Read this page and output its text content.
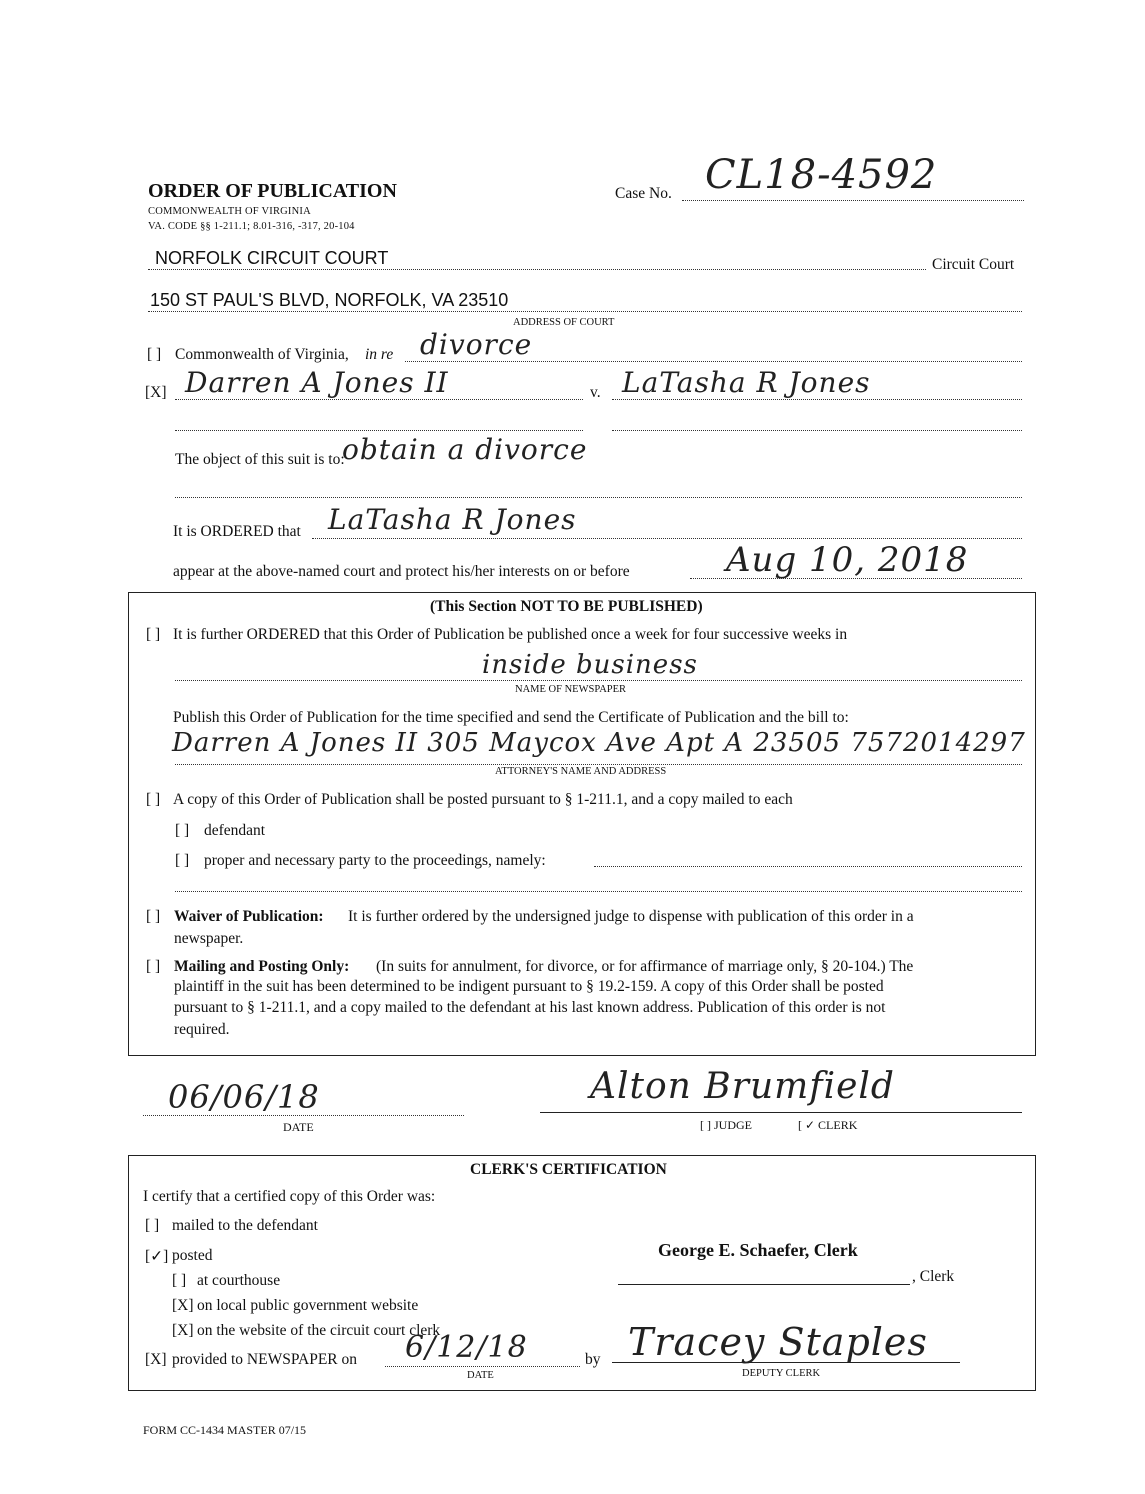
ORDER OF PUBLICATION
COMMONWEALTH OF VIRGINIA
VA. CODE §§ 1-211.1; 8.01-316, -317, 20-104
Case No. CL18-4592
NORFOLK CIRCUIT COURT	Circuit Court
150 ST PAUL'S BLVD, NORFOLK, VA 23510
ADDRESS OF COURT
[ ] Commonwealth of Virginia, in re divorce
[X] Darren A Jones II	v. LaTasha R Jones
The object of this suit is to:
obtain a divorce
It is ORDERED that LaTasha R Jones
appear at the above-named court and protect his/her interests on or before	Aug 10, 2018
(This Section NOT TO BE PUBLISHED)
[ ] It is further ORDERED that this Order of Publication be published once a week for four successive weeks in
inside business
NAME OF NEWSPAPER
Publish this Order of Publication for the time specified and send the Certificate of Publication and the bill to:
Darren A Jones II 305 Maycox Ave Apt A 23505 7572014297
ATTORNEY'S NAME AND ADDRESS
[ ] A copy of this Order of Publication shall be posted pursuant to § 1-211.1, and a copy mailed to each
[ ] defendant
[ ] proper and necessary party to the proceedings, namely:
[ ] Waiver of Publication: It is further ordered by the undersigned judge to dispense with publication of this order in a
newspaper.
[ ] Mailing and Posting Only: (In suits for annulment, for divorce, or for affirmance of marriage only, § 20-104.) The
plaintiff in the suit has been determined to be indigent pursuant to § 19.2-159. A copy of this Order shall be posted
pursuant to § 1-211.1, and a copy mailed to the defendant at his last known address. Publication of this order is not
required.
06/06/18
DATE
Alton Brumfield
[ ] JUDGE	[ ✓ CLERK
CLERK'S CERTIFICATION
I certify that a certified copy of this Order was:
[ ] mailed to the defendant
[✓] posted
[ ] at courthouse
[X] on local public government website
[X] on the website of the circuit court clerk
[X] provided to NEWSPAPER on 6/12/18
DATE
by
George E. Schaefer, Clerk
, Clerk
Tracey Staples
DEPUTY CLERK
FORM CC-1434 MASTER 07/15
